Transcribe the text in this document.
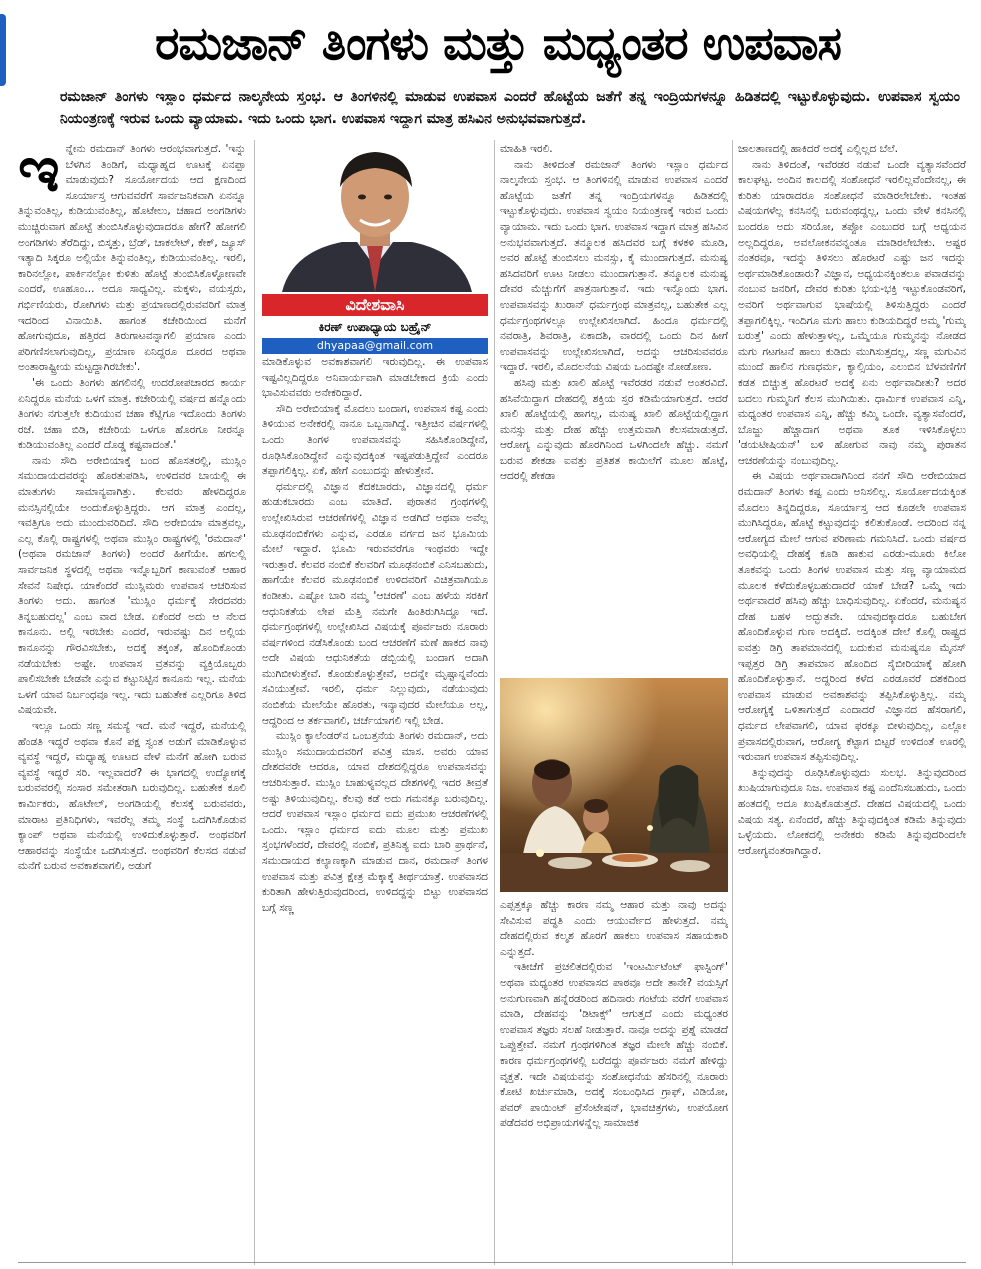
ರಮಜಾನ್ ತಿಂಗಳು ಮತ್ತು ಮಧ್ಯಂತರ ಉಪವಾಸ
ರಮಜಾನ್ ತಿಂಗಳು ಇಸ್ಲಾಂ ಧರ್ಮದ ನಾಲ್ಕನೇಯ ಸ್ತಂಭ. ಆ ತಿಂಗಳಿನಲ್ಲಿ ಮಾಡುವ ಉಪವಾಸ ಎಂದರೆ ಹೊಟ್ಟೆಯ ಜತೆಗೆ ತನ್ನ ಇಂದ್ರಿಯಗಳನ್ನೂ ಹಿಡಿತದಲ್ಲಿ ಇಟ್ಟುಕೊಳ್ಳುವುದು. ಉಪವಾಸ ಸ್ವಯಂ ನಿಯಂತ್ರಣಕ್ಕೆ ಇರುವ ಒಂದು ವ್ಯಾಯಾಮ. ಇದು ಒಂದು ಭಾಗ. ಉಪವಾಸ ಇದ್ದಾಗ ಮಾತ್ರ ಹಸಿವಿನ ಅನುಭವವಾಗುತ್ತದೆ.

ಇನ್ನೇನು ರಮದಾನ್ ತಿಂಗಳು ಆರಂಭವಾಗುತ್ತದೆ. 'ಇನ್ನು ಬೆಳಗಿನ ತಿಂಡಿಗೆ, ಮಧ್ಯಾಹ್ನದ ಊಟಕ್ಕೆ ಏನಪ್ಪಾ ಮಾಡುವುದು? ಸೂರ್ಯೋದಯ ಆದ ಕ್ಷಣದಿಂದ ಸೂರ್ಯಾಸ್ತ ಆಗುವವರೆಗೆ ಸಾರ್ವಜನಿಕವಾಗಿ ಏನನ್ನೂ ತಿನ್ನುವಂತಿಲ್ಲ, ಕುಡಿಯುವಂತಿಲ್ಲ, ಹೊಟೇಲು, ಚಹಾದ ಅಂಗಡಿಗಳು ಮುಚ್ಚಿರುವಾಗ ಹೊಟ್ಟೆ ತುಂಬಿಸಿಕೊಳ್ಳುವುದಾದರೂ ಹೇಗೆ? ಹೋಗಲಿ ಅಂಗಡಿಗಳು ತೆರೆದಿದ್ದು, ಬಿಸ್ಕತ್ತು, ಬ್ರೆಡ್, ಚಾಕಲೇಟ್, ಕೇಕ್, ಜ್ಯೂಸ್ ಇತ್ಯಾದಿ ಸಿಕ್ಕರೂ ಅಲ್ಲಿಯೇ ತಿನ್ನುವಂತಿಲ್ಲ, ಕುಡಿಯುವಂತಿಲ್ಲ. ಇರಲಿ, ಕಾರಿನಲ್ಲೋ, ಪಾರ್ಕಿನಲ್ಲೋ ಕುಳಿತು ಹೊಟ್ಟೆ ತುಂಬಿಸಿಕೊಳ್ಳೋಣವೇ ಎಂದರೆ, ಊಹೂಂ... ಅದೂ ಸಾಧ್ಯವಿಲ್ಲ. ಮಕ್ಕಳು, ವಯಸ್ಸರು, ಗರ್ಭಿಣಿಯರು, ರೋಗಿಗಳು ಮತ್ತು ಪ್ರಯಾಣದಲ್ಲಿರುವವರಿಗೆ ಮಾತ್ರ ಇದರಿಂದ ವಿನಾಯಿತಿ. ಹಾಗಂತ ಕಚೇರಿಯಿಂದ ಮನೆಗೆ ಹೋಗುವುದೂ, ಹತ್ತಿರದ ತಿರುಗಾಟವನ್ನಾಗಲಿ ಪ್ರಯಾಣ ಎಂದು ಪರಿಗಣಿಸಲಾಗುವುದಿಲ್ಲ, ಪ್ರಯಾಣ ಏನಿದ್ದರೂ ದೂರದ ಅಥವಾ ಅಂತಾರಾಷ್ಟ್ರೀಯ ಮಟ್ಟದ್ದಾಗಿರಬೇಕು'.

'ಈ ಒಂದು ತಿಂಗಳು ಹಗಲಿನಲ್ಲಿ ಉದರೋಪಚಾರದ ಕಾರ್ಯ ಏನಿದ್ದರೂ ಮನೆಯ ಒಳಗೆ ಮಾತ್ರ. ಕಚೇರಿಯಲ್ಲಿ ವರ್ಷದ ಹನ್ನೊಂದು ತಿಂಗಳು ನಗುತ್ತಲೇ ಕುದಿಯುವ ಚಹಾ ಕೆಟ್ಲಿಗೂ ಇದೊಂದು ತಿಂಗಳು ರಜೆ. ಚಹಾ ಬಿಡಿ, ಕಚೇರಿಯ ಒಳಗೂ ಹೊರಗೂ ನೀರನ್ನೂ ಕುಡಿಯುವಂತಿಲ್ಲ ಎಂದರೆ ದೊಡ್ಡ ಕಷ್ಟವಾದಂತೆ.'

ನಾನು ಸೌದಿ ಅರೇಬಿಯಾಕ್ಕೆ ಬಂದ ಹೊಸತರಲ್ಲಿ, ಮುಸ್ಲಿಂ ಸಮುದಾಯದವರನ್ನು ಹೊರತುಪಡಿಸಿ, ಉಳಿದವರ ಬಾಯಲ್ಲಿ ಈ ಮಾತುಗಳು ಸಾಮಾನ್ಯವಾಗಿತ್ತು. ಕೆಲವರು ಹೇಳದಿದ್ದರೂ ಮನಸ್ಸಿನಲ್ಲಿಯೇ ಅಂದುಕೊಳ್ಳುತ್ತಿದ್ದರು. ಆಗ ಮಾತ್ರ ಎಂದಲ್ಲ, ಇವತ್ತಿಗೂ ಅದು ಮುಂದುವರಿದಿದೆ. ಸೌದಿ ಅರೇಬಿಯಾ ಮಾತ್ರವಲ್ಲ, ಎಲ್ಲ ಕೊಲ್ಲಿ ರಾಷ್ಟ್ರಗಳಲ್ಲಿ ಅಥವಾ ಮುಸ್ಲಿಂ ರಾಷ್ಟ್ರಗಳಲ್ಲಿ 'ರಮದಾನ್' (ಅಥವಾ ರಮಜಾನ್ ತಿಂಗಳು) ಅಂದರೆ ಹೀಗೆಯೇ. ಹಗಲಲ್ಲಿ ಸಾರ್ವಜನಿಕ ಸ್ಥಳದಲ್ಲಿ ಅಥವಾ ಇನ್ನೊಬ್ಬರಿಗೆ ಕಾಣುವಂತೆ ಆಹಾರ ಸೇವನೆ ನಿಷೇಧ. ಯಾಕೆಂದರೆ ಮುಸ್ಲಿಮರು ಉಪವಾಸ ಆಚರಿಸುವ ತಿಂಗಳು ಅದು. ಹಾಗಂತ 'ಮುಸ್ಲಿಂ ಧರ್ಮಕ್ಕೆ ಸೇರದವರು ತಿನ್ನಬಹುದಲ್ಲ' ಎಂಬ ವಾದ ಬೇಡ. ಏಕೆಂದರೆ ಅದು ಆ ನೆಲದ ಕಾನೂನು. ಅಲ್ಲಿ ಇರಬೇಕು ಎಂದರೆ, ಇರುವಷ್ಟು ದಿನ ಅಲ್ಲಿಯ ಕಾನೂನನ್ನು ಗೌರವಿಸಬೇಕು, ಅದಕ್ಕೆ ತಕ್ಕಂತೆ, ಹೊಂದಿಕೊಂಡು ನಡೆಯಬೇಕು ಅಷ್ಟೇ. ಉಪವಾಸ ವ್ರತವನ್ನು ವ್ಯಕ್ತಿಯೊಬ್ಬರು ಪಾಲಿಸಬೇಕೇ ಬೇಡವೇ ಎನ್ನುವ ಕಟ್ಟುನಿಟ್ಟಿನ ಕಾನೂನು ಇಲ್ಲ. ಮನೆಯ ಒಳಗೆ ಯಾವ ನಿರ್ಬಂಧವೂ ಇಲ್ಲ. ಇದು ಬಹುತೇಕ ಎಲ್ಲರಿಗೂ ತಿಳಿದ ವಿಷಯವೇ.

ಇಲ್ಲೂ ಒಂದು ಸಣ್ಣ ಸಮಸ್ಯೆ ಇದೆ. ಮನೆ ಇದ್ದರೆ, ಮನೆಯಲ್ಲಿ ಹೆಂಡತಿ ಇದ್ದರೆ ಅಥವಾ ಕೊನೆ ಪಕ್ಷ ಸ್ವಂತ ಅಡುಗೆ ಮಾಡಿಕೊಳ್ಳುವ ವ್ಯವಸ್ಥೆ ಇದ್ದರೆ, ಮಧ್ಯಾಹ್ನ ಊಟದ ವೇಳೆ ಮನೆಗೆ ಹೋಗಿ ಬರುವ ವ್ಯವಸ್ಥೆ ಇದ್ದರೆ ಸರಿ. ಇಲ್ಲವಾದರೆ? ಈ ಭಾಗದಲ್ಲಿ ಉದ್ಯೋಗಕ್ಕೆ ಬರುವವರಲ್ಲಿ ಸಂಸಾರ ಸಮೇತರಾಗಿ ಬರುವುದಿಲ್ಲ. ಬಹುತೇಕ ಕೂಲಿ ಕಾರ್ಮಿಕರು, ಹೊಟೇಲ್, ಅಂಗಡಿಯಲ್ಲಿ ಕೆಲಸಕ್ಕೆ ಬರುವವರು, ಮಾರಾಟ ಪ್ರತಿನಿಧಿಗಳು, ಇವರೆಲ್ಲ ತಮ್ಮ ಸಂಸ್ಥೆ ಒದಗಿಸಿಕೊಡುವ ಕ್ಯಾಂಪ್ ಅಥವಾ ಮನೆಯಲ್ಲಿ ಉಳಿದುಕೊಳ್ಳುತ್ತಾರೆ. ಅಂಥವರಿಗೆ ಆಹಾರವನ್ನು ಸಂಸ್ಥೆಯೇ ಒದಗಿಸುತ್ತದೆ. ಅಂಥವರಿಗೆ ಕೆಲಸದ ನಡುವೆ ಮನೆಗೆ ಬರುವ ಅವಕಾಶವಾಗಲಿ, ಅಡುಗೆ

ವಿದೇಶವಾಸಿ
ಕಿರಣ್ ಉಪಾಧ್ಯಾಯ ಬಹ್ರೈನ್
dhyapaa@gmail.com

ಮಾಡಿಕೊಳ್ಳುವ ಅವಕಾಶವಾಗಲಿ ಇರುವುದಿಲ್ಲ. ಈ ಉಪವಾಸ ಇಷ್ಟವಿಲ್ಲದಿದ್ದರೂ ಅನಿವಾರ್ಯವಾಗಿ ಮಾಡಬೇಕಾದ ಕ್ರಿಯೆ ಎಂದು ಭಾವಿಸುವವರು ಅನೇಕರಿದ್ದಾರೆ.

ಸೌದಿ ಅರೇಬಿಯಾಕ್ಕೆ ಮೊದಲು ಬಂದಾಗ, ಉಪವಾಸ ಕಷ್ಟ ಎಂದು ತಿಳಿಯುವ ಅನೇಕರಲ್ಲಿ ನಾನೂ ಒಬ್ಬನಾಗಿದ್ದೆ. ಇತ್ತೀಚಿನ ವರ್ಷಗಳಲ್ಲಿ ಒಂದು ತಿಂಗಳ ಉಪವಾಸವನ್ನು ಸಹಿಸಿಕೊಂಡಿದ್ದೇನೆ, ರೂಢಿಸಿಕೊಂಡಿದ್ದೇನೆ ಎನ್ನುವುದಕ್ಕಿಂತ ಇಷ್ಟಪಡುತ್ತಿದ್ದೇನೆ ಎಂದರೂ ತಪ್ಪಾಗಲಿಕ್ಕಿಲ್ಲ. ಏಕೆ, ಹೇಗೆ ಎಂಬುದನ್ನು ಹೇಳುತ್ತೇನೆ.

ಧರ್ಮದಲ್ಲಿ ವಿಜ್ಞಾನ ಕೆದಕಬಾರದು, ವಿಜ್ಞಾನದಲ್ಲಿ ಧರ್ಮ ಹುಡುಕಬಾರದು ಎಂಬ ಮಾತಿದೆ. ಪುರಾತನ ಗ್ರಂಥಗಳಲ್ಲಿ ಉಲ್ಲೇಖಿಸಿರುವ ಆಚರಣೆಗಳಲ್ಲಿ ವಿಜ್ಞಾನ ಅಡಗಿದೆ ಅಥವಾ ಅವೆಲ್ಲ ಮೂಢನಂಬಿಕೆಗಳು ಎನ್ನುವ, ಎರಡೂ ವರ್ಗದ ಜನ ಭೂಮಿಯ ಮೇಲೆ ಇದ್ದಾರೆ. ಭೂಮಿ ಇರುವವರೆಗೂ ಇಂಥವರು ಇದ್ದೇ ಇರುತ್ತಾರೆ. ಕೆಲವರ ನಂಬಿಕೆ ಕೆಲವರಿಗೆ ಮೂಢನಂಬಿಕೆ ಎನಿಸಬಹುದು, ಹಾಗೆಯೇ ಕೆಲವರ ಮೂಢನಂಬಿಕೆ ಉಳಿದವರಿಗೆ ವಿಚಿತ್ರವಾಗಿಯೂ ಕಂಡೀತು. ಎಷ್ಟೋ ಬಾರಿ ನಮ್ಮ 'ಆಚರಣೆ' ಎಂಬ ಹಳೆಯ ಸರಕಿಗೆ ಆಧುನಿಕತೆಯ ಲೇಪ ಮೆತ್ತಿ ನಮಗೇ ಹಿಂತಿರುಗಿಸಿದ್ದೂ ಇದೆ. ಧರ್ಮಗ್ರಂಥಗಳಲ್ಲಿ ಉಲ್ಲೇಖಿಸಿದ ವಿಷಯಕ್ಕೆ ಪೂರ್ವಜರು ನೂರಾರು ವರ್ಷಗಳಿಂದ ನಡೆಸಿಕೊಂಡು ಬಂದ ಆಚರಣೆಗೆ ಮಣೆ ಹಾಕದ ನಾವು ಅದೇ ವಿಷಯ ಆಧುನಿಕತೆಯ ಡಬ್ಬಿಯಲ್ಲಿ ಬಂದಾಗ ಅದಾಗಿ ಮುಗಿಬೀಳುತ್ತೇವೆ. ಕೊಂಡುಕೊಳ್ಳುತ್ತೇವೆ, ಅದನ್ನೇ ಮೃಷ್ಟಾನ್ನವೆಂದು ಸವಿಯುತ್ತೇವೆ. ಇರಲಿ, ಧರ್ಮ ನಿಲ್ಲುವುದು, ನಡೆಯುವುದು ನಂಬಿಕೆಯ ಮೇಲೆಯೇ ಹೊರತು, ಇನ್ಯಾವುದರ ಮೇಲೆಯೂ ಅಲ್ಲ, ಆದ್ದರಿಂದ ಆ ತರ್ಕವಾಗಲಿ, ಚರ್ಚೆಯಾಗಲಿ ಇಲ್ಲಿ ಬೇಡ.

ಮುಸ್ಲಿಂ ಕ್ಯಾಲೆಂಡರ್‌ನ ಒಂಬತ್ತನೆಯ ತಿಂಗಳು ರಮದಾನ್, ಅದು ಮುಸ್ಲಿಂ ಸಮುದಾಯದವರಿಗೆ ಪವಿತ್ರ ಮಾಸ. ಅವರು ಯಾವ ದೇಶದವರೇ ಆದರೂ, ಯಾವ ದೇಶದಲ್ಲಿದ್ದರೂ ಉಪವಾಸವನ್ನು ಆಚರಿಸುತ್ತಾರೆ. ಮುಸ್ಲಿಂ ಬಾಹುಳ್ಯವಲ್ಲದ ದೇಶಗಳಲ್ಲಿ ಇದರ ತೀವ್ರತೆ ಅಷ್ಟು ತಿಳಿಯುವುದಿಲ್ಲ. ಕೆಲವು ಕಡೆ ಅದು ಗಮನಕ್ಕೂ ಬರುವುದಿಲ್ಲ. ಆದರೆ ಉಪವಾಸ ಇಸ್ಲಾಂ ಧರ್ಮದ ಐದು ಪ್ರಮುಖ ಆಚರಣೆಗಳಲ್ಲಿ ಒಂದು. ಇಸ್ಲಾಂ ಧರ್ಮದ ಐದು ಮೂಲ ಮತ್ತು ಪ್ರಮುಖ ಸ್ತಂಭಗಳೆಂದರೆ, ದೇವರಲ್ಲಿ ನಂಬಿಕೆ, ಪ್ರತಿನಿತ್ಯ ಐದು ಬಾರಿ ಪ್ರಾರ್ಥನೆ, ಸಮುದಾಯದ ಕಲ್ಯಾಣಕ್ಕಾಗಿ ಮಾಡುವ ದಾನ, ರಮದಾನ್ ತಿಂಗಳ ಉಪವಾಸ ಮತ್ತು ಪವಿತ್ರ ಕ್ಷೇತ್ರ ಮೆಕ್ಕಾಕ್ಕೆ ತೀರ್ಥಯಾತ್ರೆ. ಉಪವಾಸದ ಕುರಿತಾಗಿ ಹೇಳುತ್ತಿರುವುದರಿಂದ, ಉಳಿದದ್ದನ್ನು ಬಿಟ್ಟು ಉಪವಾಸದ ಬಗ್ಗೆ ಸಣ್ಣ

ಮಾಹಿತಿ ಇರಲಿ.

ನಾನು ತೀಳಿದಂತೆ ರಮಜಾನ್ ತಿಂಗಳು ಇಸ್ಲಾಂ ಧರ್ಮದ ನಾಲ್ಕನೇಯ ಸ್ತಂಭ. ಆ ತಿಂಗಳಿನಲ್ಲಿ ಮಾಡುವ ಉಪವಾಸ ಎಂದರೆ ಹೊಟ್ಟೆಯ ಜತೆಗೆ ತನ್ನ ಇಂದ್ರಿಯಗಳನ್ನೂ ಹಿಡಿತದಲ್ಲಿ ಇಟ್ಟುಕೊಳ್ಳುವುದು. ಉಪವಾಸ ಸ್ವಯಂ ನಿಯಂತ್ರಣಕ್ಕೆ ಇರುವ ಒಂದು ವ್ಯಾಯಾಮ. ಇದು ಒಂದು ಭಾಗ. ಉಪವಾಸ ಇದ್ದಾಗ ಮಾತ್ರ ಹಸಿವಿನ ಅನುಭವವಾಗುತ್ತದೆ. ತನ್ಮೂಲಕ ಹಸಿದವರ ಬಗ್ಗೆ ಕಳಕಳಿ ಮೂಡಿ, ಅವರ ಹೊಟ್ಟೆ ತುಂಬಿಸಲು ಮನಸ್ಸು, ಕೈ ಮುಂದಾಗುತ್ತದೆ. ಮನುಷ್ಯ ಹಸಿದವರಿಗೆ ಊಟ ನೀಡಲು ಮುಂದಾಗುತ್ತಾನೆ. ತನ್ಮೂಲಕ ಮನುಷ್ಯ ದೇವರ ಮೆಚ್ಚುಗೆಗೆ ಪಾತ್ರನಾಗುತ್ತಾನೆ. ಇದು ಇನ್ನೊಂದು ಭಾಗ. ಉಪವಾಸವನ್ನು ಖುರಾನ್ ಧರ್ಮಗ್ರಂಥ ಮಾತ್ರವಲ್ಲ, ಬಹುತೇಕ ಎಲ್ಲ ಧರ್ಮಗ್ರಂಥಗಳಲ್ಲೂ ಉಲ್ಲೇಖಿಸಲಾಗಿದೆ. ಹಿಂದೂ ಧರ್ಮದಲ್ಲಿ ನವರಾತ್ರಿ, ಶಿವರಾತ್ರಿ, ಏಕಾದಶಿ, ವಾರದಲ್ಲಿ ಒಂದು ದಿನ ಹೀಗೆ ಉಪವಾಸವನ್ನು ಉಲ್ಲೇಖಿಸಲಾಗಿದೆ, ಅದನ್ನು ಆಚರಿಸುವವರೂ ಇದ್ದಾರೆ. ಇರಲಿ, ಮೊದಲನೆಯ ವಿಷಯ ಒಂದಷ್ಟೇ ನೋಡೋಣ.

ಹಸಿವು ಮತ್ತು ಖಾಲಿ ಹೊಟ್ಟೆ ಇವೆರಡರ ನಡುವೆ ಅಂತರವಿದೆ. ಹಸಿವೆಯಿದ್ದಾಗ ದೇಹದಲ್ಲಿ ಶಕ್ತಿಯ ಸ್ತರ ಕಡಿಮೆಯಾಗುತ್ತದೆ. ಆದರೆ ಖಾಲಿ ಹೊಟ್ಟೆಯಲ್ಲಿ ಹಾಗಲ್ಲ, ಮನುಷ್ಯ ಖಾಲಿ ಹೊಟ್ಟೆಯಲ್ಲಿದ್ದಾಗ ಮನಸ್ಸು ಮತ್ತು ದೇಹ ಹೆಚ್ಚು ಉತ್ತಮವಾಗಿ ಕೆಲಸಮಾಡುತ್ತದೆ. ಆರೋಗ್ಯ ಎನ್ನುವುದು ಹೊರಗಿನಿಂದ ಒಳಗಿಂದಲೇ ಹೆಚ್ಚು. ನಮಗೆ ಬರುವ ಶೇಕಡಾ ಐವತ್ತು ಪ್ರತಿಶತ ಕಾಯಿಲೆಗೆ ಮೂಲ ಹೊಟ್ಟೆ, ಆದರಲ್ಲಿ ಶೇಕಡಾ

ಎಪ್ಪತ್ತಕ್ಕೂ ಹೆಚ್ಚು ಕಾರಣ ನಮ್ಮ ಆಹಾರ ಮತ್ತು ನಾವು ಅದನ್ನು ಸೇವಿಸುವ ಪದ್ಧತಿ ಎಂದು ಆಯುರ್ವೇದ ಹೇಳುತ್ತದೆ. ನಮ್ಮ ದೇಹದಲ್ಲಿರುವ ಕಲ್ಮಶ ಹೊರಗೆ ಹಾಕಲು ಉಪವಾಸ ಸಹಾಯಕಾರಿ ಎನ್ನುತ್ತದೆ.

ಇತೀಚೆಗೆ ಪ್ರಚಲಿತದಲ್ಲಿರುವ 'ಇಂಟರ್ಮಿಟೆಂಟ್ ಫಾಸ್ಟಿಂಗ್' ಅಥವಾ ಮಧ್ಯಂತರ ಉಪವಾಸದ ಪಾಠವೂ ಅದೇ ತಾನೇ? ವಯಸ್ಸಿಗೆ ಅನುಗುಣವಾಗಿ ಹನ್ನೆರಡರಿಂದ ಹದಿನಾರು ಗಂಟೆಯ ವರೆಗೆ ಉಪವಾಸ ಮಾಡಿ, ದೇಹವನ್ನು 'ಡಿಟಾಕ್ಸ್' ಆಗುತ್ತದೆ ಎಂದು ಮಧ್ಯಂತರ ಉಪವಾಸ ತಜ್ಞರು ಸಲಹೆ ನೀಡುತ್ತಾರೆ. ನಾವೂ ಅದನ್ನು ಪ್ರಶ್ನೆ ಮಾಡದೆ ಒಪ್ಪುತ್ತೇವೆ. ನಮಗೆ ಗ್ರಂಥಗಳಿಗಿಂತ ತಜ್ಞರ ಮೇಲೇ ಹೆಚ್ಚು ನಂಬಿಕೆ. ಕಾರಣ ಧರ್ಮಗ್ರಂಥಗಳಲ್ಲಿ ಬರೆದದ್ದು ಪೂರ್ವಜರು ನಮಗೆ ಹೇಳಿದ್ದು ವೃಕ್ತತೆ. ಇದೇ ವಿಷಯವನ್ನು ಸಂಶೋಧನೆಯ ಹೆಸರಿನಲ್ಲಿ ನೂರಾರು ಕೋಟಿ ಖರ್ಚುಮಾಡಿ, ಅದಕ್ಕೆ ಸಂಬಂಧಿಸಿದ ಗ್ರಾಫ್, ವಿಡಿಯೋ, ಪವರ್ ಪಾಯಿಂಟ್ ಪ್ರೆಸೆಂಟೇಷನ್, ಭಾವಚಿತ್ರಗಳು, ಉಪಯೋಗ ಪಡೆದವರ ಅಭಿಪ್ರಾಯಗಳನ್ನೆಲ್ಲ ಸಾಮಾಜಿಕ

ಜಾಲತಾಣದಲ್ಲಿ ಹಾಕಿದರೆ ಅದಕ್ಕೆ ಎಲ್ಲಿಲ್ಲದ ಬೆಲೆ.

ನಾನು ತಿಳಿದಂತೆ, ಇವೆರಡರ ನಡುವೆ ಒಂದೇ ವ್ಯತ್ಯಾಸವೆಂದರೆ ಕಾಲಘಟ್ಟ. ಅಂದಿನ ಕಾಲದಲ್ಲಿ ಸಂಶೋಧನೆ ಇರಲಿಲ್ಲವೆಂದೇನಲ್ಲ, ಈ ಕುರಿತು ಯಾರಾದರೂ ಸಂಶೋಧನೆ ಮಾಡಿರಲೇಬೇಕು. ಇಂತಹ ವಿಷಯಗಳೆಲ್ಲ ಕನಸಿನಲ್ಲಿ ಬರುವಂಥದ್ದಲ್ಲ, ಒಂದು ವೇಳೆ ಕನಸಿನಲ್ಲಿ ಬಂದರೂ ಅದು ಸರಿಯೋ, ತಪ್ಪೋ ಎಂಬುದರ ಬಗ್ಗೆ ಅಧ್ಯಯನ ಅಲ್ಲದಿದ್ದರೂ, ಅವಲೋಕನವನ್ನಂತೂ ಮಾಡಿರಲೇಬೇಕು. ಅಷ್ಟರ ನಂತರವೂ, ಇದನ್ನು ತಿಳಿಸಲು ಹೊರಟರೆ ಎಷ್ಟು ಜನ ಇದನ್ನು ಅರ್ಥಮಾಡಿಕೊಂಡಾರು? ವಿಜ್ಞಾನ, ಅಧ್ಯಯನಕ್ಕಿಂತಲೂ ಪವಾಡವನ್ನು ನಂಬುವ ಜನರಿಗೆ, ದೇವರ ಕುರಿತು ಭಯ-ಭಕ್ತಿ ಇಟ್ಟುಕೊಂಡವರಿಗೆ, ಅವರಿಗೆ ಅರ್ಥವಾಗುವ ಭಾಷೆಯಲ್ಲಿ ತಿಳಿಸುತ್ತಿದ್ದರು ಎಂದರೆ ತಪ್ಪಾಗಲಿಕ್ಕಿಲ್ಲ. ಇಂದಿಗೂ ಮಗು ಹಾಲು ಕುಡಿಯದಿದ್ದರೆ ಅಮ್ಮ 'ಗುಮ್ಮ ಬರುತ್ತೆ' ಎಂದು ಹೇಳುತ್ತಾಳಲ್ಲ, ಒಮ್ಮೆಯೂ ಗುಮ್ಮನನ್ನು ನೋಡದ ಮಗು ಗಟಗಟನೆ ಹಾಲು ಕುಡಿದು ಮುಗಿಸುತ್ತದಲ್ಲ, ಸಣ್ಣ ಮಗುವಿನ ಮುಂದೆ ಹಾಲಿನ ಗುಣಧರ್ಮ, ಕ್ಯಾಲ್ಸಿಯಂ, ಎಲುಬಿನ ಬೆಳವಣಿಗೆಗೆ ಕಡತ ಬಿಚ್ಚುತ್ತ ಹೊರಟರೆ ಅದಕ್ಕೆ ಏನು ಅರ್ಥವಾದೀತು? ಅದರ ಬದಲು ಗುಮ್ಮನಿಗೆ ಕೆಲಸ ಮುಗಿಯಿತು. ಧಾರ್ಮಿಕ ಉಪವಾಸ ಎನ್ನಿ, ಮಧ್ಯಂತರ ಉಪವಾಸ ಎನ್ನಿ, ಹೆಚ್ಚು ಕಮ್ಮಿ ಒಂದೇ. ವ್ಯತ್ಯಾಸವೆಂದರೆ, ಬೊಜ್ಜು ಹೆಚ್ಚಾದಾಗ ಅಥವಾ ತೂಕ ಇಳಿಸಿಕೊಳ್ಳಲು 'ಡಯಟೀಷಿಯನ್' ಬಳಿ ಹೋಗುವ ನಾವು ನಮ್ಮ ಪುರಾತನ ಆಚರಣೆಯನ್ನು ನಂಬುವುದಿಲ್ಲ.

ಈ ವಿಷಯ ಅರ್ಥವಾದಾಗಿನಿಂದ ನನಗೆ ಸೌದಿ ಅರೇಬಿಯಾದ ರಮದಾನ್ ತಿಂಗಳು ಕಷ್ಟ ಎಂದು ಅನಿಸಲಿಲ್ಲ. ಸೂರ್ಯೋದಯಕ್ಕಿಂತ ಮೊದಲು ತಿನ್ನದಿದ್ದರೂ, ಸೂರ್ಯಾಸ್ತ ಆದ ಕೂಡಲೇ ಉಪವಾಸ ಮುಗಿಸಿದ್ದರೂ, ಹೊಟ್ಟೆ ಕಟ್ಟುವುದನ್ನು ಕಲಿತುಕೊಂಡೆ. ಅದರಿಂದ ನನ್ನ ಆರೋಗ್ಯದ ಮೇಲೆ ಆಗುವ ಪರಿಣಾಮ ಗಮನಿಸಿದೆ. ಒಂದು ವರ್ಷದ ಅವಧಿಯಲ್ಲಿ ದೇಹಕ್ಕೆ ಕೂಡಿ ಹಾಕುವ ಎರಡು-ಮೂರು ಕಿಲೋ ತೂಕವನ್ನು ಒಂದು ತಿಂಗಳ ಉಪವಾಸ ಮತ್ತು ಸಣ್ಣ ವ್ಯಾಯಾಮದ ಮೂಲಕ ಕಳೆದುಕೊಳ್ಳಬಹುದಾದರೆ ಯಾಕೆ ಬೇಡ? ಒಮ್ಮೆ ಇದು ಅರ್ಥವಾದರೆ ಹಸಿವು ಹೆಚ್ಚು ಬಾಧಿಸುವುದಿಲ್ಲ. ಏಕೆಂದರೆ, ಮನುಷ್ಯನ ದೇಹ ಬಹಳ ಅದ್ಭುತವೇ. ಯಾವುದಕ್ಕಾದರೂ ಬಹುಬೇಗ ಹೊಂದಿಕೊಳ್ಳುವ ಗುಣ ಅದಕ್ಕಿದೆ. ಅದಕ್ಕಿಂತ ದೇಲೆ ಕೊಲ್ಲಿ ರಾಷ್ಟ್ರದ ಐವತ್ತು ಡಿಗ್ರಿ ತಾಪಮಾನದಲ್ಲಿ ಬದುಕುವ ಮನುಷ್ಯನೂ ಮೈನಸ್ ಇಪ್ಪತ್ತರ ಡಿಗ್ರಿ ತಾಪಮಾನ ಹೊಂದಿದ ಸೈಬೀರಿಯಾಕ್ಕೆ ಹೋಗಿ ಹೊಂದಿಕೊಳ್ಳುತ್ತಾನೆ. ಅದ್ದರಿಂದ ಕಳೆದ ಎರಡೂವರೆ ದಶಕದಿಂದ ಉಪವಾಸ ಮಾಡುವ ಅವಕಾಶವನ್ನು ತಪ್ಪಿಸಿಕೊಳ್ಳುತ್ತಿಲ್ಲ. ನಮ್ಮ ಆರೋಗ್ಯಕ್ಕೆ ಒಳಿತಾಗುತ್ತದೆ ಎಂದಾದರೆ ವಿಜ್ಞಾನದ ಹೆಸರಾಗಲಿ, ಧರ್ಮದ ಲೇಪವಾಗಲಿ, ಯಾವ ಫರಕ್ಕೂ ಬೀಳುವುದಿಲ್ಲ, ಎಲ್ಲೋ ಪ್ರವಾಸದಲ್ಲಿರುವಾಗ, ಆರೋಗ್ಯ ಕೆಟ್ಟಾಗ ಬಿಟ್ಟರೆ ಉಳಿದಂತೆ ಊರಲ್ಲಿ ಇರುವಾಗ ಉಪವಾಸ ತಪ್ಪಿಸುವುದಿಲ್ಲ.

ತಿನ್ನುವುದನ್ನು ರೂಢಿಸಿಕೊಳ್ಳುವುದು ಸುಲಭ. ತಿನ್ನುವುದರಿಂದ ಖುಷಿಯಾಗುವುದೂ ನಿಜ. ಉಪವಾಸ ಕಷ್ಟ ಎಂದೆನಿಸಬಹುದು, ಒಂದು ಹಂತದಲ್ಲಿ ಅದೂ ಖುಷಿಕೊಡುತ್ತದೆ. ದೇಹದ ವಿಷಯದಲ್ಲಿ ಒಂದು ವಿಷಯ ಸತ್ಯ. ಏನೆಂದರೆ, ಹೆಚ್ಚು ತಿನ್ನುವುದಕ್ಕಿಂತ ಕಡಿಮೆ ತಿನ್ನುವುದು ಒಳ್ಳೆಯದು. ಲೋಕದಲ್ಲಿ ಅನೇಕರು ಕಡಿಮೆ ತಿನ್ನುವುದರಿಂದಲೇ ಆರೋಗ್ಯವಂತರಾಗಿದ್ದಾರೆ.
